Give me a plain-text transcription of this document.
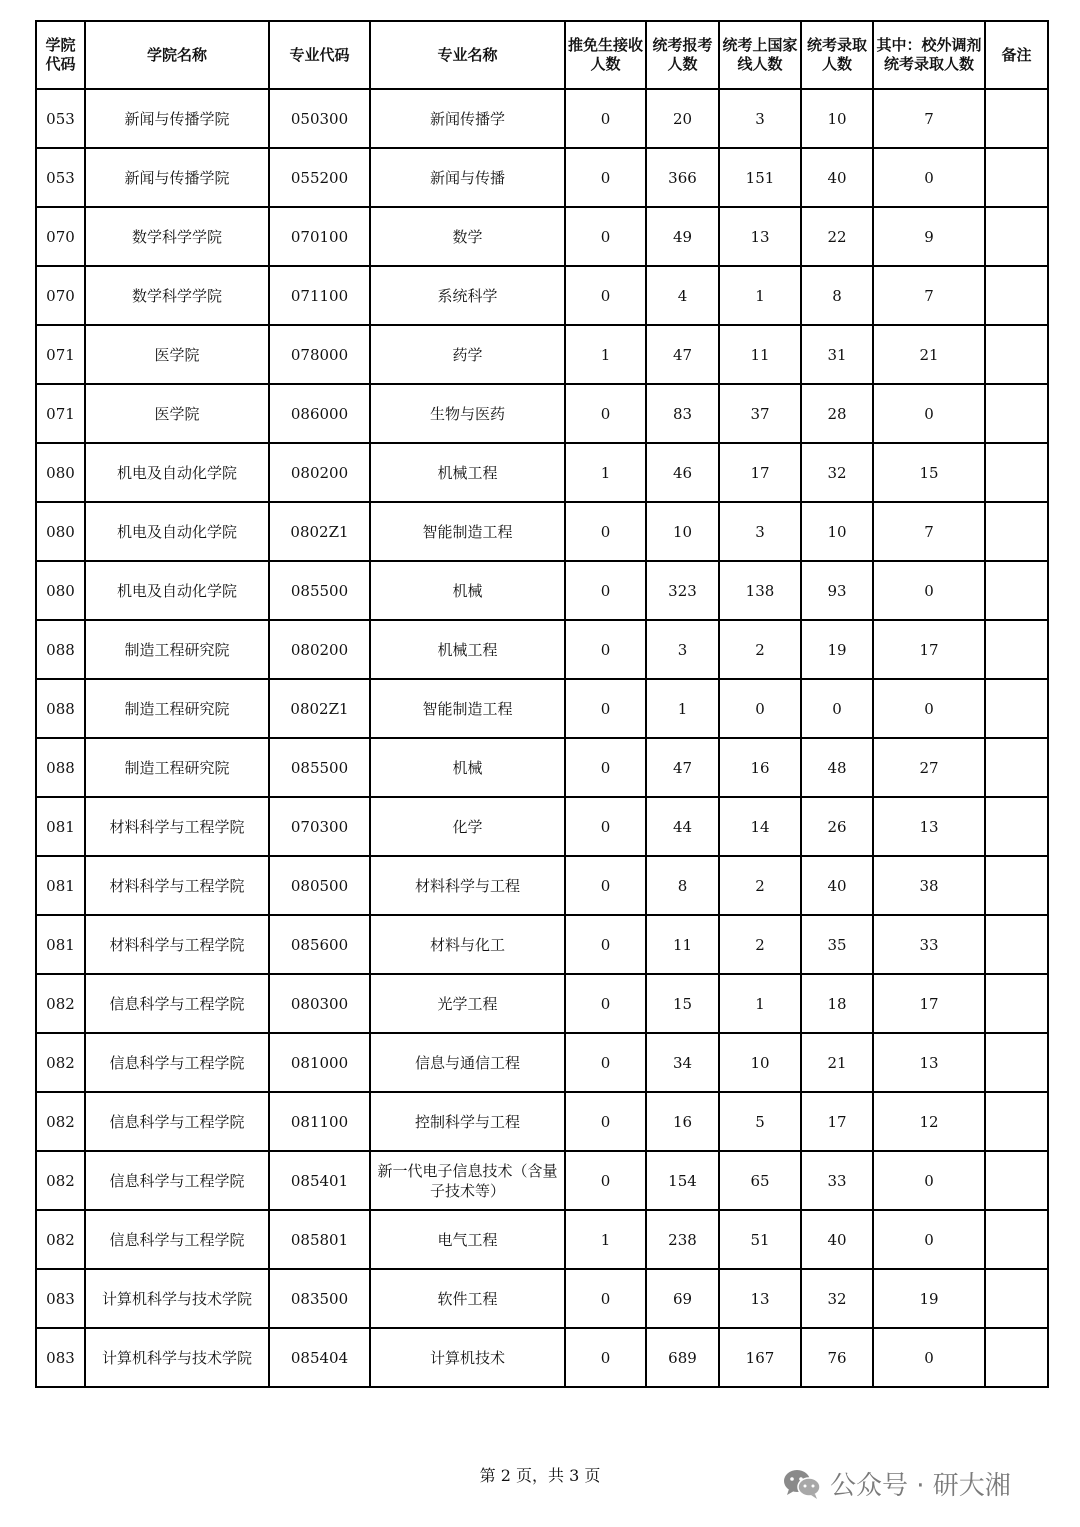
学院代码	学院名称	专业代码	专业名称	推免生接收人数	统考报考人数	统考上国家线人数	统考录取人数	其中：校外调剂统考录取人数	备注
053	新闻与传播学院	050300	新闻传播学	0	20	3	10	7	
053	新闻与传播学院	055200	新闻与传播	0	366	151	40	0	
070	数学科学学院	070100	数学	0	49	13	22	9	
070	数学科学学院	071100	系统科学	0	4	1	8	7	
071	医学院	078000	药学	1	47	11	31	21	
071	医学院	086000	生物与医药	0	83	37	28	0	
080	机电及自动化学院	080200	机械工程	1	46	17	32	15	
080	机电及自动化学院	0802Z1	智能制造工程	0	10	3	10	7	
080	机电及自动化学院	085500	机械	0	323	138	93	0	
088	制造工程研究院	080200	机械工程	0	3	2	19	17	
088	制造工程研究院	0802Z1	智能制造工程	0	1	0	0	0	
088	制造工程研究院	085500	机械	0	47	16	48	27	
081	材料科学与工程学院	070300	化学	0	44	14	26	13	
081	材料科学与工程学院	080500	材料科学与工程	0	8	2	40	38	
081	材料科学与工程学院	085600	材料与化工	0	11	2	35	33	
082	信息科学与工程学院	080300	光学工程	0	15	1	18	17	
082	信息科学与工程学院	081000	信息与通信工程	0	34	10	21	13	
082	信息科学与工程学院	081100	控制科学与工程	0	16	5	17	12	
082	信息科学与工程学院	085401	新一代电子信息技术（含量子技术等）	0	154	65	33	0	
082	信息科学与工程学院	085801	电气工程	1	238	51	40	0	
083	计算机科学与技术学院	083500	软件工程	0	69	13	32	19	
083	计算机科学与技术学院	085404	计算机技术	0	689	167	76	0	
第 2 页，共 3 页	公众号 · 研大湘
